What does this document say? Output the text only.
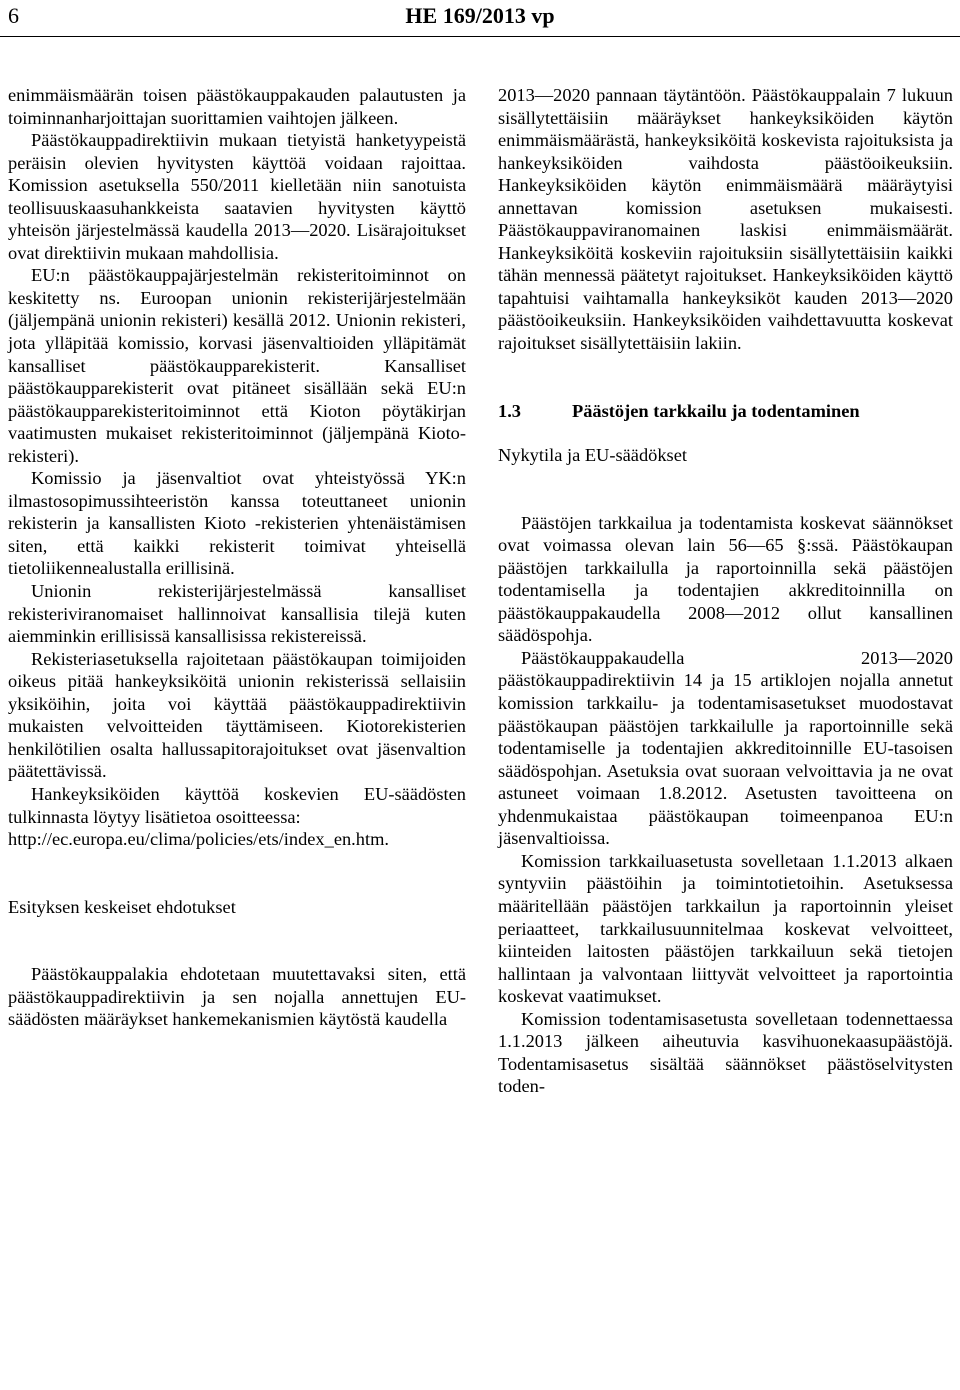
6	HE 169/2013 vp

enimmäismäärän toisen päästökauppakauden palautusten ja toiminnanharjoittajan suorittamien vaihtojen jälkeen.

Päästökauppadirektiivin mukaan tietyistä hanketyypeistä peräisin olevien hyvitysten käyttöä voidaan rajoittaa. Komission asetuksella 550/2011 kielletään niin sanotuista teollisuuskaasuhankkeista saatavien hyvitysten käyttö yhteisön järjestelmässä kaudella 2013—2020. Lisärajoitukset ovat direktiivin mukaan mahdollisia.

EU:n päästökauppajärjestelmän rekisteritoiminnot on keskitetty ns. Euroopan unionin rekisterijärjestelmään (jäljempänä unionin rekisteri) kesällä 2012. Unionin rekisteri, jota ylläpitää komissio, korvasi jäsenvaltioiden ylläpitämät kansalliset päästökaupparekisterit. Kansalliset päästökaupparekisterit ovat pitäneet sisällään sekä EU:n päästökaupparekisteritoiminnot että Kioton pöytäkirjan vaatimusten mukaiset rekisteritoiminnot (jäljempänä Kioto-rekisteri).

Komissio ja jäsenvaltiot ovat yhteistyössä YK:n ilmastosopimussihteeristön kanssa toteuttaneet unionin rekisterin ja kansallisten Kioto -rekisterien yhtenäistämisen siten, että kaikki rekisterit toimivat yhteisellä tietoliikennealustalla erillisinä.

Unionin rekisterijärjestelmässä kansalliset rekisteriviranomaiset hallinnoivat kansallisia tilejä kuten aiemminkin erillisissä kansallisissa rekistereissä.

Rekisteriasetuksella rajoitetaan päästökaupan toimijoiden oikeus pitää hankeyksiköitä unionin rekisterissä sellaisiin yksiköihin, joita voi käyttää päästökauppadirektiivin mukaisten velvoitteiden täyttämiseen. Kiotorekisterien henkilötilien osalta hallussapitorajoitukset ovat jäsenvaltion päätettävissä.

Hankeyksiköiden käyttöä koskevien EU-säädösten tulkinnasta löytyy lisätietoa osoitteessa:

http://ec.europa.eu/clima/policies/ets/index_en.htm.

Esityksen keskeiset ehdotukset

Päästökauppalakia ehdotetaan muutettavaksi siten, että päästökauppadirektiivin ja sen nojalla annettujen EU-säädösten määräykset hankemekanismien käytöstä kaudella

2013—2020 pannaan täytäntöön. Päästökauppalain 7 lukuun sisällytettäisiin määräykset hankeyksiköiden käytön enimmäismäärästä, hankeyksiköitä koskevista rajoituksista ja hankeyksiköiden vaihdosta päästöoikeuksiin. Hankeyksiköiden käytön enimmäismäärä määräytyisi annettavan komission asetuksen mukaisesti. Päästökauppaviranomainen laskisi enimmäismäärät. Hankeyksiköitä koskeviin rajoituksiin sisällytettäisiin kaikki tähän mennessä päätetyt rajoitukset. Hankeyksiköiden käyttö tapahtuisi vaihtamalla hankeyksiköt kauden 2013—2020 päästöoikeuksiin. Hankeyksiköiden vaihdettavuutta koskevat rajoitukset sisällytettäisiin lakiin.

1.3	Päästöjen tarkkailu ja todentaminen

Nykytila ja EU-säädökset

Päästöjen tarkkailua ja todentamista koskevat säännökset ovat voimassa olevan lain 56—65 §:ssä. Päästökaupan päästöjen tarkkailulla ja raportoinnilla sekä päästöjen todentamisella ja todentajien akkreditoinnilla on päästökauppakaudella 2008—2012 ollut kansallinen säädöspohja.

Päästökauppakaudella 2013—2020 päästökauppadirektiivin 14 ja 15 artiklojen nojalla annetut komission tarkkailu- ja todentamisasetukset muodostavat päästökaupan päästöjen tarkkailulle ja raportoinnille sekä todentamiselle ja todentajien akkreditoinnille EU-tasoisen säädöspohjan. Asetuksia ovat suoraan velvoittavia ja ne ovat astuneet voimaan 1.8.2012. Asetusten tavoitteena on yhdenmukaistaa päästökaupan toimeenpanoa EU:n jäsenvaltioissa.

Komission tarkkailuasetusta sovelletaan 1.1.2013 alkaen syntyviin päästöihin ja toimintotietoihin. Asetuksessa määritellään päästöjen tarkkailun ja raportoinnin yleiset periaatteet, tarkkailusuunnitelmaa koskevat velvoitteet, kiinteiden laitosten päästöjen tarkkailuun sekä tietojen hallintaan ja valvontaan liittyvät velvoitteet ja raportointia koskevat vaatimukset.

Komission todentamisasetusta sovelletaan todennettaessa 1.1.2013 jälkeen aiheutuvia kasvihuonekaasupäästöjä. Todentamisasetus sisältää säännökset päästöselvitysten toden-
